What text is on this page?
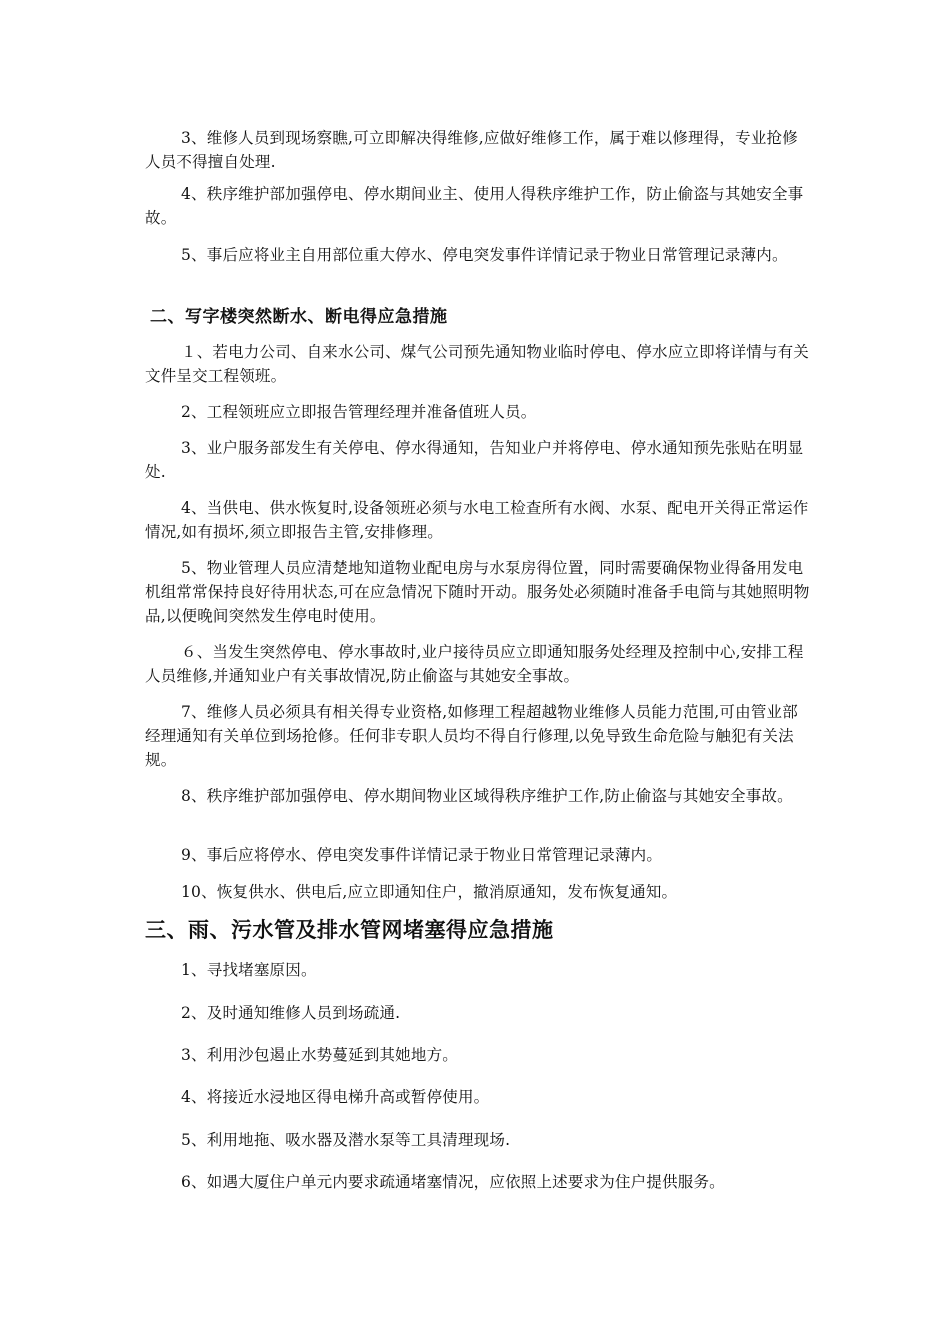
3、维修人员到现场察瞧,可立即解决得维修,应做好维修工作，属于难以修理得，专业抢修人员不得擅自处理.

4、秩序维护部加强停电、停水期间业主、使用人得秩序维护工作，防止偷盗与其她安全事故。

5、事后应将业主自用部位重大停水、停电突发事件详情记录于物业日常管理记录薄内。

二、写字楼突然断水、断电得应急措施

１、若电力公司、自来水公司、煤气公司预先通知物业临时停电、停水应立即将详情与有关文件呈交工程领班。

2、工程领班应立即报告管理经理并准备值班人员。

3、业户服务部发生有关停电、停水得通知，告知业户并将停电、停水通知预先张贴在明显处.

4、当供电、供水恢复时,设备领班必须与水电工检查所有水阀、水泵、配电开关得正常运作情况,如有损坏,须立即报告主管,安排修理。

5、物业管理人员应清楚地知道物业配电房与水泵房得位置，同时需要确保物业得备用发电机组常常保持良好待用状态,可在应急情况下随时开动。服务处必须随时准备手电筒与其她照明物品,以便晚间突然发生停电时使用。

６、当发生突然停电、停水事故时,业户接待员应立即通知服务处经理及控制中心,安排工程人员维修,并通知业户有关事故情况,防止偷盗与其她安全事故。

7、维修人员必须具有相关得专业资格,如修理工程超越物业维修人员能力范围,可由管业部经理通知有关单位到场抢修。任何非专职人员均不得自行修理,以免导致生命危险与触犯有关法规。

8、秩序维护部加强停电、停水期间物业区域得秩序维护工作,防止偷盗与其她安全事故。

9、事后应将停水、停电突发事件详情记录于物业日常管理记录薄内。

10、恢复供水、供电后,应立即通知住户，撤消原通知，发布恢复通知。

三、雨、污水管及排水管网堵塞得应急措施

1、寻找堵塞原因。

2、及时通知维修人员到场疏通.

3、利用沙包遏止水势蔓延到其她地方。

4、将接近水浸地区得电梯升高或暂停使用。

5、利用地拖、吸水器及潜水泵等工具清理现场.

6、如遇大厦住户单元内要求疏通堵塞情况，应依照上述要求为住户提供服务。
